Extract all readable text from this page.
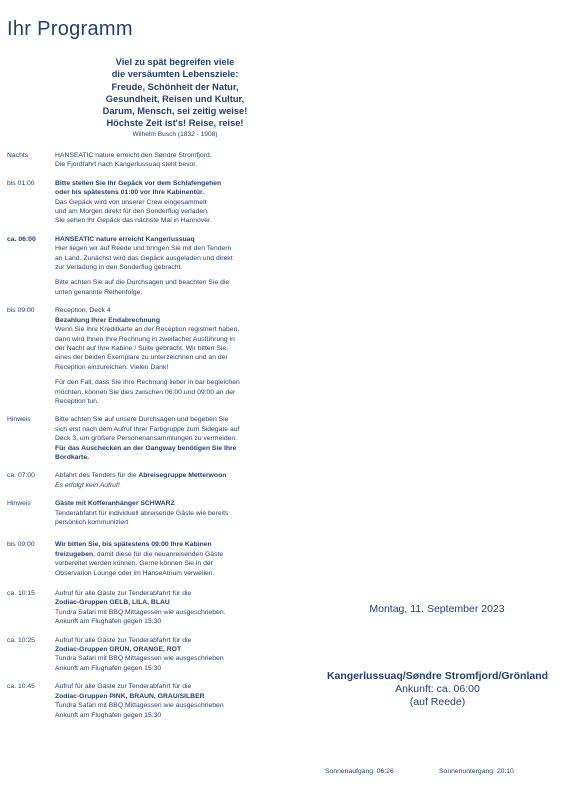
Ihr Programm
Viel zu spät begreifen viele
die versäumten Lebensziele:
Freude, Schönheit der Natur,
Gesundheit, Reisen und Kultur,
Darum, Mensch, sei zeitig weise!
Höchste Zeit ist's! Reise, reise!
Wilhelm Busch (1832 - 1908)
Nachts	HANSEATIC nature erreicht den Søndre Stromfjord.
Die Fjordfahrt nach Kangerlussuaq steht bevor.

bis 01:00	Bitte stellen Sie Ihr Gepäck vor dem Schlafengehen
oder bis spätestens 01:00 vor Ihre Kabinentür.
Das Gepäck wird von unserer Crew eingesammelt
und am Morgen direkt für den Sonderflug verladen.
Sie sehen Ihr Gepäck das nächste Mal in Hannover.

ca. 06:00	HANSEATIC nature erreicht Kangerlussuaq
Hier liegen wir auf Reede und bringen Sie mit den Tendern
an Land. Zunächst wird das Gepäck ausgeladen und direkt
zur Verladung in den Sonderflug gebracht.

Bitte achten Sie auf die Durchsagen und beachten Sie die
unten genannte Reihenfolge.

bis 09:00	Reception, Deck 4
Bezahlung Ihrer Endabrechnung
Wenn Sie Ihre Kreditkarte an der Reception registriert haben,
dann wird Ihnen Ihre Rechnung in zweifacher Ausführung in
der Nacht auf Ihre Kabine / Suite gebracht. Wir bitten Sie,
eines der beiden Exemplare zu unterzeichnen und an der
Reception einzureichen. Vielen Dank!

Für den Fall, dass Sie Ihre Rechnung lieber in bar begleichen
möchten, können Sie dies zwischen 06:00 und 09:00 an der
Reception tun.

Hinweis	Bitte achten Sie auf unsere Durchsagen und begeben Sie
sich erst nach dem Aufruf Ihrer Farbgruppe zum Sidegate auf
Deck 3, um größere Personenansammlungen zu vermeiden.
Für das Auschecken an der Gangway benötigen Sie Ihre
Bordkarte.

ca. 07:00	Abfahrt des Tenders für die Abreisegruppe Metterwoon
Es erfolgt kein Aufruf!

Hinweis	Gäste mit Kofferanhänger SCHWARZ
Tenderabfahrt für individuell abreisende Gäste wie bereits
persönlich kommuniziert

bis 09:00	Wir bitten Sie, bis spätestens 09:00 Ihre Kabinen
freizugeben, damit diese für die neuanreisenden Gäste
vorbereitet werden können. Gerne können Sie in der
Observation Lounge oder im HanseAtrium verweilen.

ca. 10:15	Aufruf für alle Gäste zur Tenderabfahrt für die
Zodiac-Gruppen GELB, LILA, BLAU
Tundra Safari mit BBQ Mittagessen wie ausgeschrieben.
Ankunft am Flughafen gegen 15:30

ca. 10:25	Aufruf für alle Gäste zur Tenderabfahrt für die
Zodiac-Gruppen GRÜN, ORANGE, ROT
Tundra Safari mit BBQ Mittagessen wie ausgeschrieben
Ankunft am Flughafen gegen 15:30

ca. 10:45	Aufruf für alle Gäste zur Tenderabfahrt für die
Zodiac-Gruppen PINK, BRAUN, GRAU/SILBER
Tundra Safari mit BBQ Mittagessen wie ausgeschrieben
Ankunft am Flughafen gegen 15:30

Montag, 11. September 2023
Kangerlussuaq/Søndre Stromfjord/Grönland
Ankunft: ca. 06:00
(auf Reede)
Sonnenaufgang: 06:26	Sonnenuntergang: 20:10
